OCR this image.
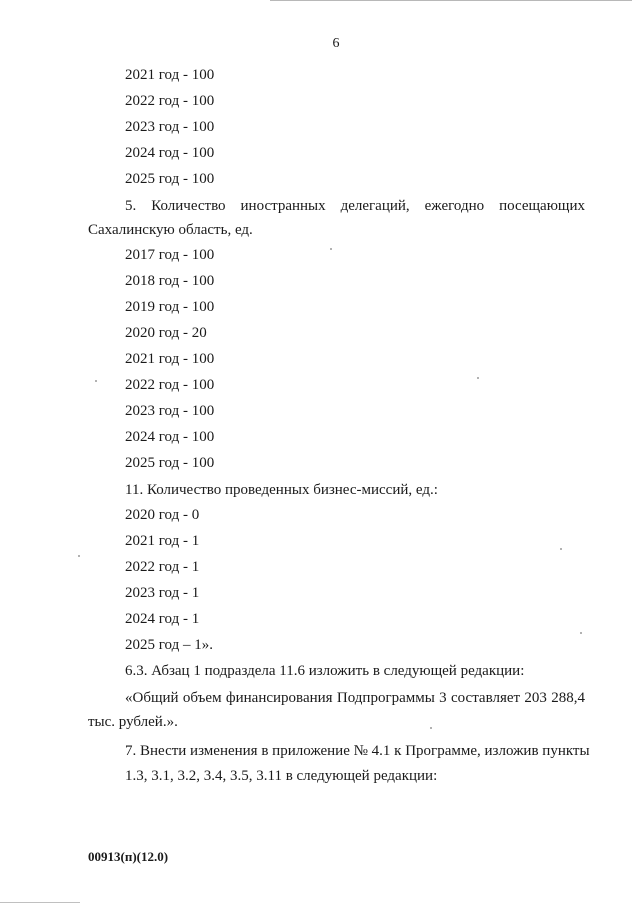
6
2021 год - 100
2022 год - 100
2023 год - 100
2024 год - 100
2025 год - 100
5. Количество иностранных делегаций, ежегодно посещающих
Сахалинскую область, ед.
2017 год - 100
2018 год - 100
2019 год - 100
2020 год - 20
2021 год - 100
2022 год - 100
2023 год - 100
2024 год - 100
2025 год - 100
11. Количество проведенных бизнес-миссий, ед.:
2020 год - 0
2021 год - 1
2022 год - 1
2023 год - 1
2024 год - 1
2025 год – 1».
6.3. Абзац 1 подраздела 11.6 изложить в следующей редакции:
«Общий объем финансирования Подпрограммы 3 составляет 203 288,4
тыс. рублей.».
7. Внести изменения в приложение № 4.1 к Программе, изложив пункты
1.3, 3.1, 3.2, 3.4, 3.5, 3.11 в следующей редакции:
00913(п)(12.0)
